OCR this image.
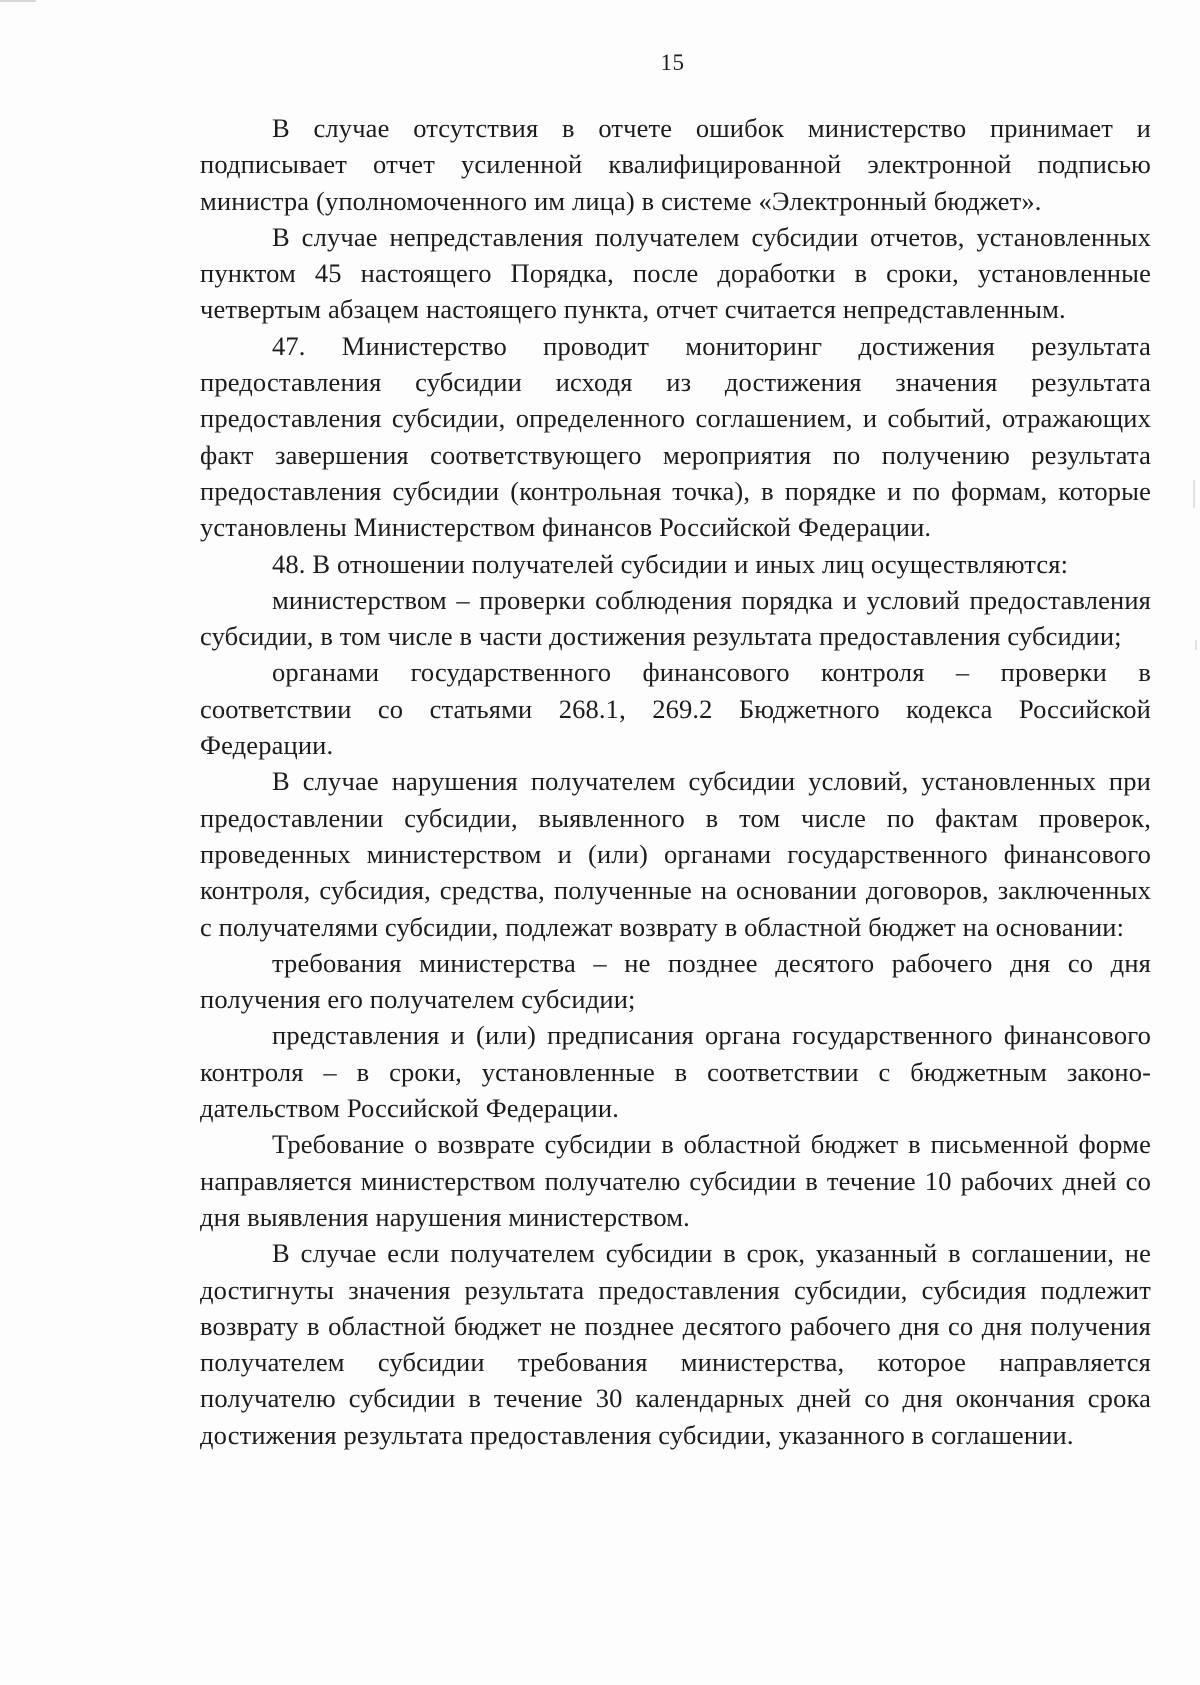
15

В случае отсутствия в отчете ошибок министерство принимает и подписывает отчет усиленной квалифицированной электронной подписью министра (уполномоченного им лица) в системе «Электронный бюджет».

В случае непредставления получателем субсидии отчетов, установленных пунктом 45 настоящего Порядка, после доработки в сроки, установленные четвертым абзацем настоящего пункта, отчет считается непредставленным.

47. Министерство проводит мониторинг достижения результата предоставления субсидии исходя из достижения значения результата предоставления субсидии, определенного соглашением, и событий, отражающих факт завершения соответствующего мероприятия по получению результата предоставления субсидии (контрольная точка), в порядке и по формам, которые установлены Министерством финансов Российской Федерации.

48. В отношении получателей субсидии и иных лиц осуществляются:

министерством – проверки соблюдения порядка и условий предоставления субсидии, в том числе в части достижения результата предоставления субсидии;

органами государственного финансового контроля – проверки в соответствии со статьями 268.1, 269.2 Бюджетного кодекса Российской Федерации.

В случае нарушения получателем субсидии условий, установленных при предоставлении субсидии, выявленного в том числе по фактам проверок, проведенных министерством и (или) органами государственного финансового контроля, субсидия, средства, полученные на основании договоров, заключенных с получателями субсидии, подлежат возврату в областной бюджет на основании:

требования министерства – не позднее десятого рабочего дня со дня получения его получателем субсидии;

представления и (или) предписания органа государственного финансового контроля – в сроки, установленные в соответствии с бюджетным законодательством Российской Федерации.

Требование о возврате субсидии в областной бюджет в письменной форме направляется министерством получателю субсидии в течение 10 рабочих дней со дня выявления нарушения министерством.

В случае если получателем субсидии в срок, указанный в соглашении, не достигнуты значения результата предоставления субсидии, субсидия подлежит возврату в областной бюджет не позднее десятого рабочего дня со дня получения получателем субсидии требования министерства, которое направляется получателю субсидии в течение 30 календарных дней со дня окончания срока достижения результата предоставления субсидии, указанного в соглашении.
